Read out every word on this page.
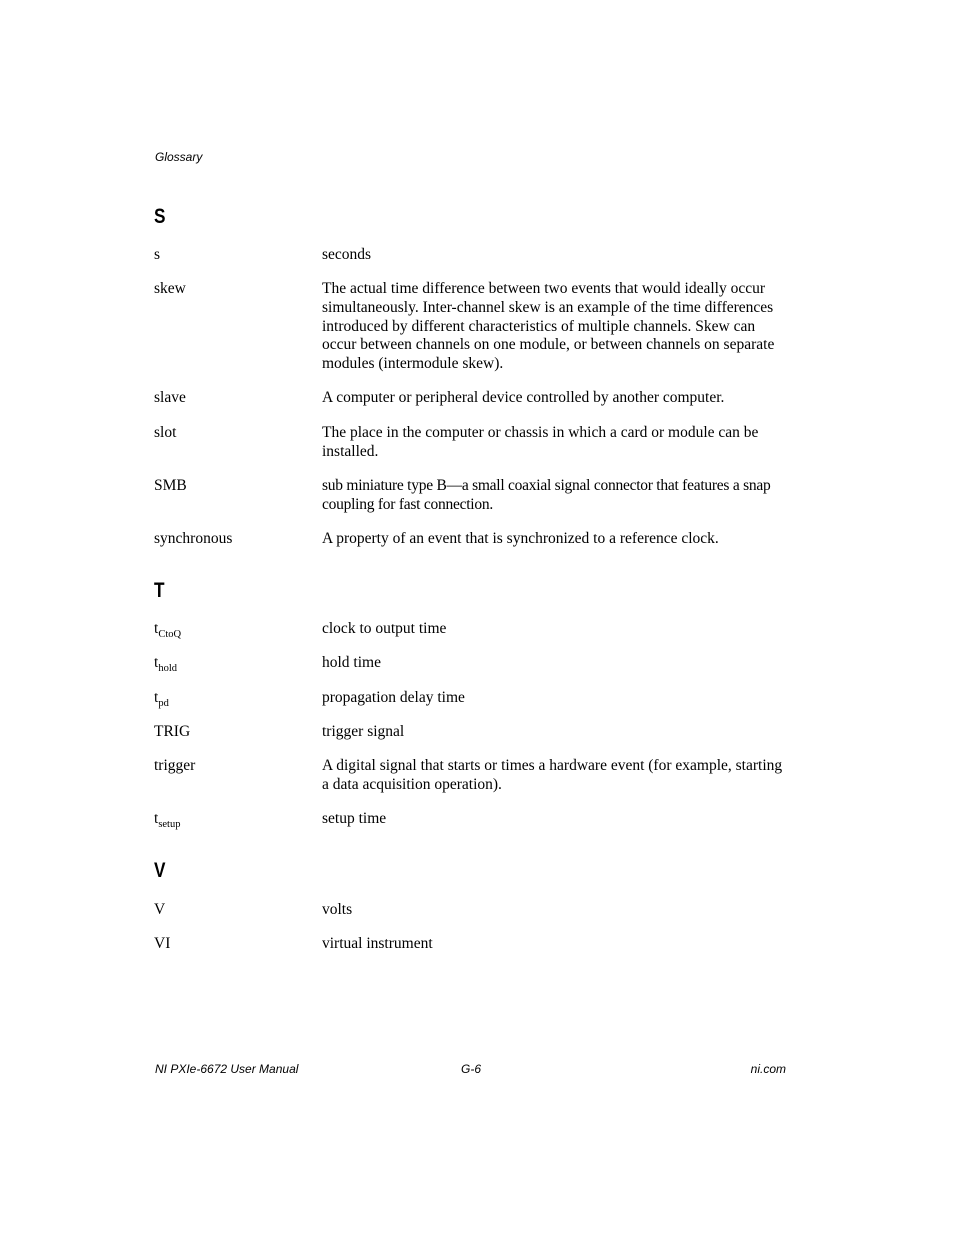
Glossary
S
s	seconds
skew	The actual time difference between two events that would ideally occur simultaneously. Inter-channel skew is an example of the time differences introduced by different characteristics of multiple channels. Skew can occur between channels on one module, or between channels on separate modules (intermodule skew).
slave	A computer or peripheral device controlled by another computer.
slot	The place in the computer or chassis in which a card or module can be installed.
SMB	sub miniature type B—a small coaxial signal connector that features a snap coupling for fast connection.
synchronous	A property of an event that is synchronized to a reference clock.
T
$t_{CtoQ}$	clock to output time
$t_{hold}$	hold time
$t_{pd}$	propagation delay time
TRIG	trigger signal
trigger	A digital signal that starts or times a hardware event (for example, starting a data acquisition operation).
$t_{setup}$	setup time
V
V	volts
VI	virtual instrument
NI PXIe-6672 User Manual	G-6	ni.com
